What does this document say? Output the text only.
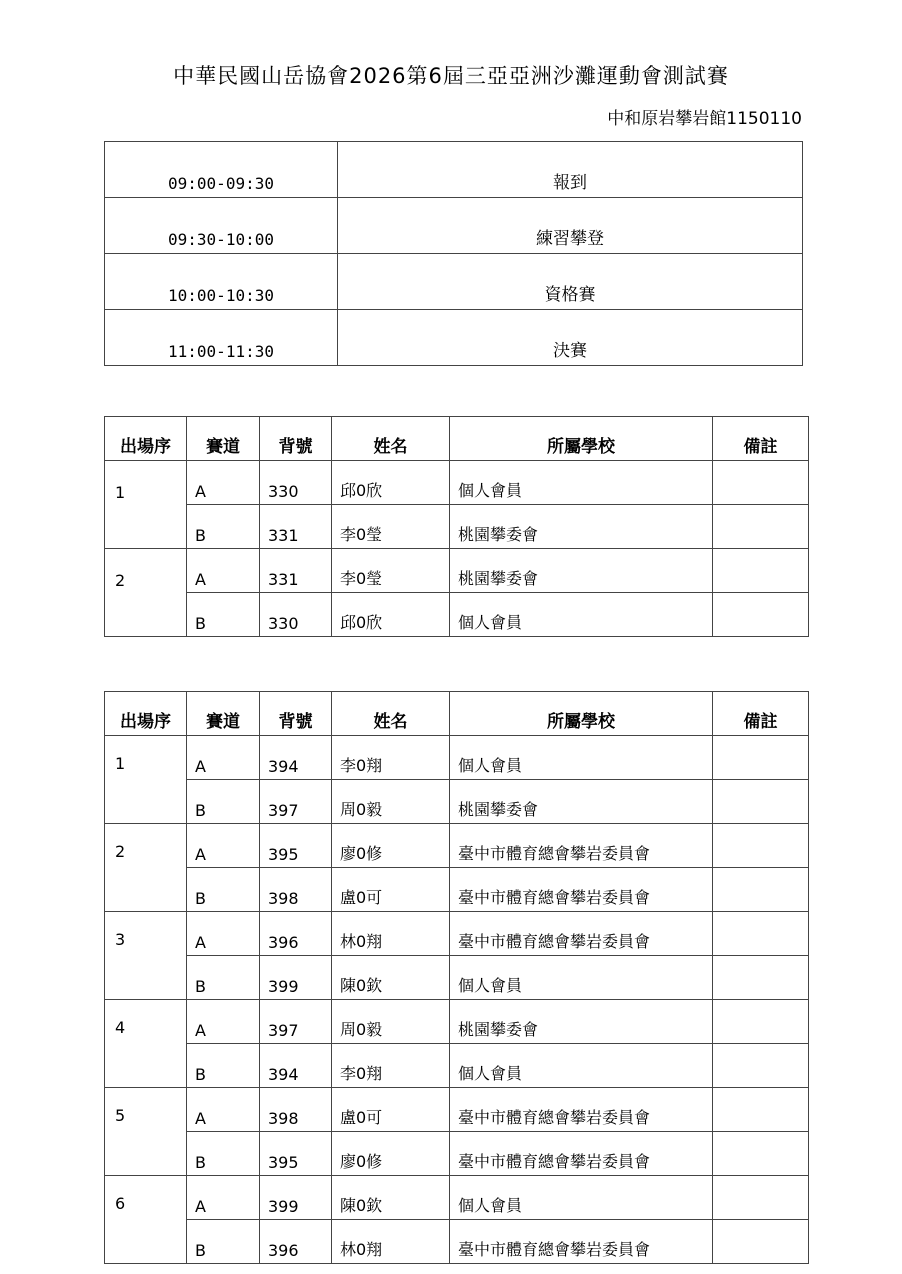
中華民國山岳協會2026第6屆三亞亞洲沙灘運動會測試賽
中和原岩攀岩館1150110
09:00-09:30	報到
09:30-10:00	練習攀登
10:00-10:30	資格賽
11:00-11:30	決賽
出場序	賽道	背號	姓名	所屬學校	備註
1	A	330	邱0欣	個人會員	
	B	331	李0瑩	桃園攀委會	
2	A	331	李0瑩	桃園攀委會	
	B	330	邱0欣	個人會員	
出場序	賽道	背號	姓名	所屬學校	備註
1	A	394	李0翔	個人會員	
	B	397	周0毅	桃園攀委會	
2	A	395	廖0修	臺中市體育總會攀岩委員會	
	B	398	盧0可	臺中市體育總會攀岩委員會	
3	A	396	林0翔	臺中市體育總會攀岩委員會	
	B	399	陳0欽	個人會員	
4	A	397	周0毅	桃園攀委會	
	B	394	李0翔	個人會員	
5	A	398	盧0可	臺中市體育總會攀岩委員會	
	B	395	廖0修	臺中市體育總會攀岩委員會	
6	A	399	陳0欽	個人會員	
	B	396	林0翔	臺中市體育總會攀岩委員會	
